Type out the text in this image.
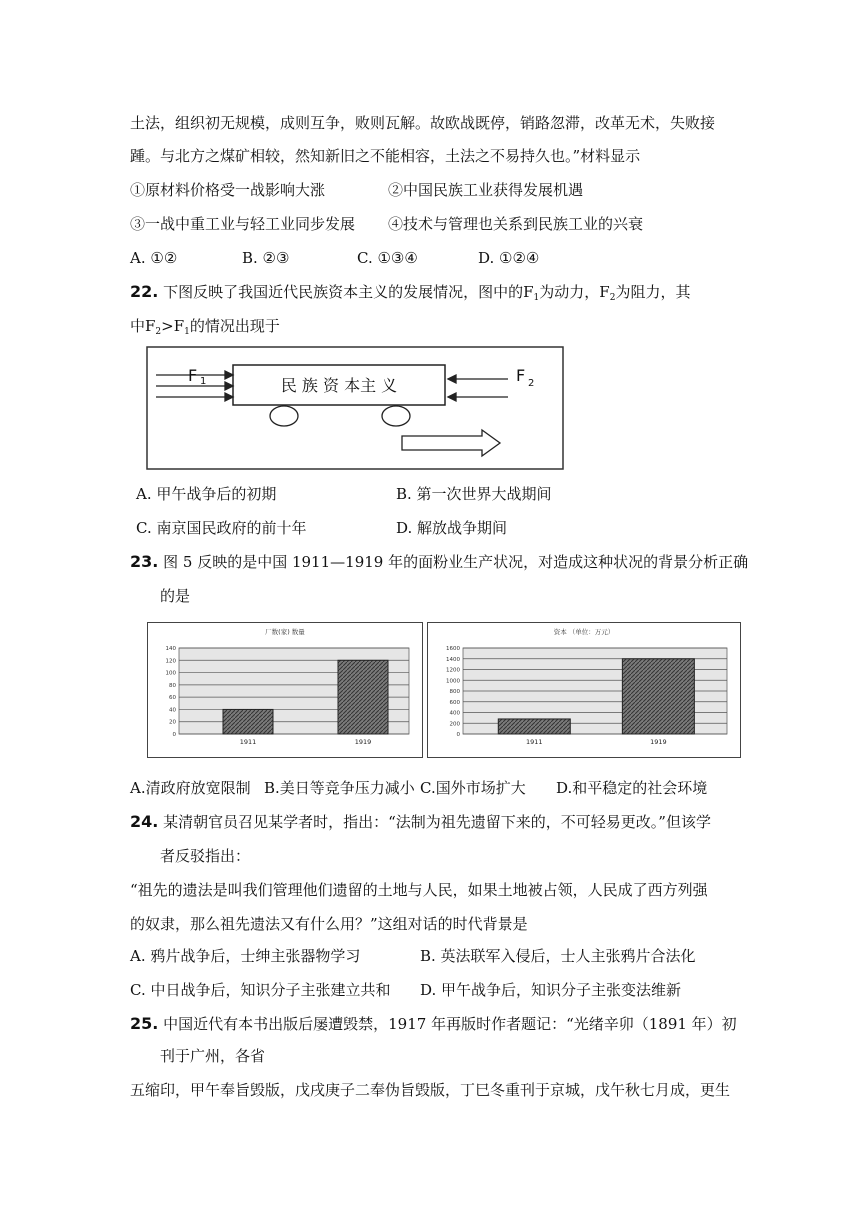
土法，组织初无规模，成则互争，败则瓦解。故欧战既停，销路忽滞，改革无术，失败接
踵。与北方之煤矿相较，然知新旧之不能相容，土法之不易持久也。”材料显示
①原材料价格受一战影响大涨	②中国民族工业获得发展机遇
③一战中重工业与轻工业同步发展 ④技术与管理也关系到民族工业的兴衰
A. ①②	B. ②③	C. ①③④	D. ①②④
22. 下图反映了我国近代民族资本主义的发展情况，图中的$F_1$为动力，$F_2$为阻力，其
中$F_2>F_1$的情况出现于
民 族 资 本主 义
F 1	F 2
A. 甲午战争后的初期	B. 第一次世界大战期间
C. 南京国民政府的前十年	D. 解放战争期间
23. 图 5 反映的是中国 1911—1919 年的面粉业生产状况，对造成这种状况的背景分析正确
的是
厂数(家) 数量
0
20
40
60
80
100
120
140
1911	1919
资本 （单位：万元）
0
200
400
600
800
1000
1200
1400
1600
1911	1919
A.清政府放宽限制 B.美日等竞争压力减小 C.国外市场扩大 D.和平稳定的社会环境
24. 某清朝官员召见某学者时，指出：“法制为祖先遗留下来的，不可轻易更改。”但该学
者反驳指出：
“祖先的遗法是叫我们管理他们遗留的土地与人民，如果土地被占领，人民成了西方列强
的奴隶，那么祖先遗法又有什么用？”这组对话的时代背景是
A. 鸦片战争后，士绅主张器物学习	B. 英法联军入侵后，士人主张鸦片合法化
C. 中日战争后，知识分子主张建立共和 D. 甲午战争后，知识分子主张变法维新
25. 中国近代有本书出版后屡遭毁禁，1917 年再版时作者题记：“光绪辛卯（1891 年）初
刊于广州，各省
五缩印，甲午奉旨毁版，戊戌庚子二奉伪旨毁版，丁巳冬重刊于京城，戊午秋七月成，更生
